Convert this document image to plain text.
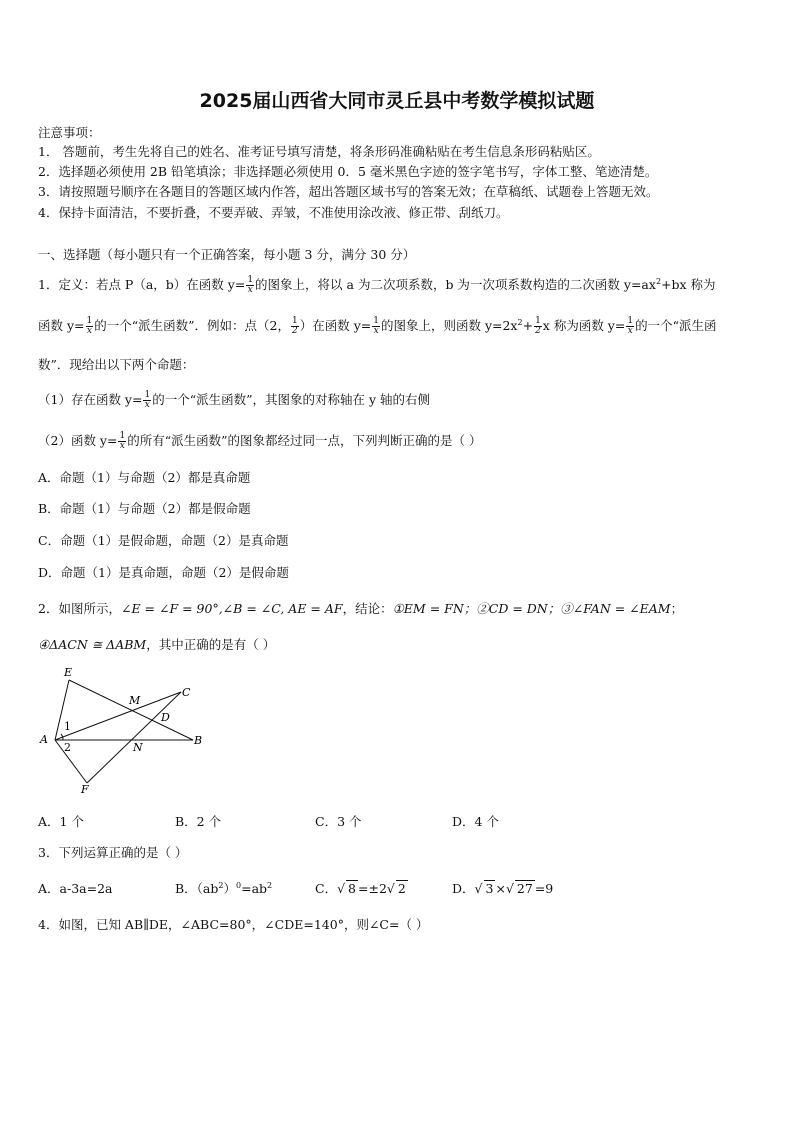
2025届山西省大同市灵丘县中考数学模拟试题
注意事项：
1． 答题前，考生先将自己的姓名、准考证号填写清楚，将条形码准确粘贴在考生信息条形码粘贴区。
2．选择题必须使用 2B 铅笔填涂；非选择题必须使用 0．5 毫米黑色字迹的签字笔书写，字体工整、笔迹清楚。
3．请按照题号顺序在各题目的答题区域内作答，超出答题区域书写的答案无效；在草稿纸、试题卷上答题无效。
4．保持卡面清洁，不要折叠，不要弄破、弄皱，不准使用涂改液、修正带、刮纸刀。
一、选择题（每小题只有一个正确答案，每小题 3 分，满分 30 分）
1．定义：若点 P（a，b）在函数 $y= \frac{1}{x}$ 的图象上，将以 a 为二次项系数，b 为一次项系数构造的二次函数 $y=ax^2+bx$ 称为
函数 $y= \frac{1}{x}$ 的一个“派生函数”．例如：点（2， $\frac{1}{2}$ ）在函数 $y= \frac{1}{x}$ 的图象上，则函数 $y=2x^2+ \frac{1}{2}$ x 称为函数 $y= \frac{1}{x}$ 的一个“派生函
数”．现给出以下两个命题：
（1）存在函数 $y= \frac{1}{x}$ 的一个“派生函数”，其图象的对称轴在 y 轴的右侧
（2）函数 $y= \frac{1}{x}$ 的所有“派生函数”的图象都经过同一点，下列判断正确的是（ ）
A．命题（1）与命题（2）都是真命题
B．命题（1）与命题（2）都是假命题
C．命题（1）是假命题，命题（2）是真命题
D．命题（1）是真命题，命题（2）是假命题
2．如图所示，∠E = ∠F = 90°,∠B = ∠C, AE = AF，结论：①EM = FN；②CD = DN；③∠FAN = ∠EAM；
④ΔACN ≅ ΔABM，其中正确的是有（ ）
E
M
C
D
1
A
2	N
B
F
A．1 个	B．2 个	C．3 个	D．4 个
3．下列运算正确的是（ ）
A．a-3a=2a	B．$(ab^2)^0=ab^2$	C．√ 8 =±2√ 2	D．√ 3 ×√ 27 =9
4．如图，已知 AB∥DE，∠ABC=80°，∠CDE=140°，则∠C=（ ）
